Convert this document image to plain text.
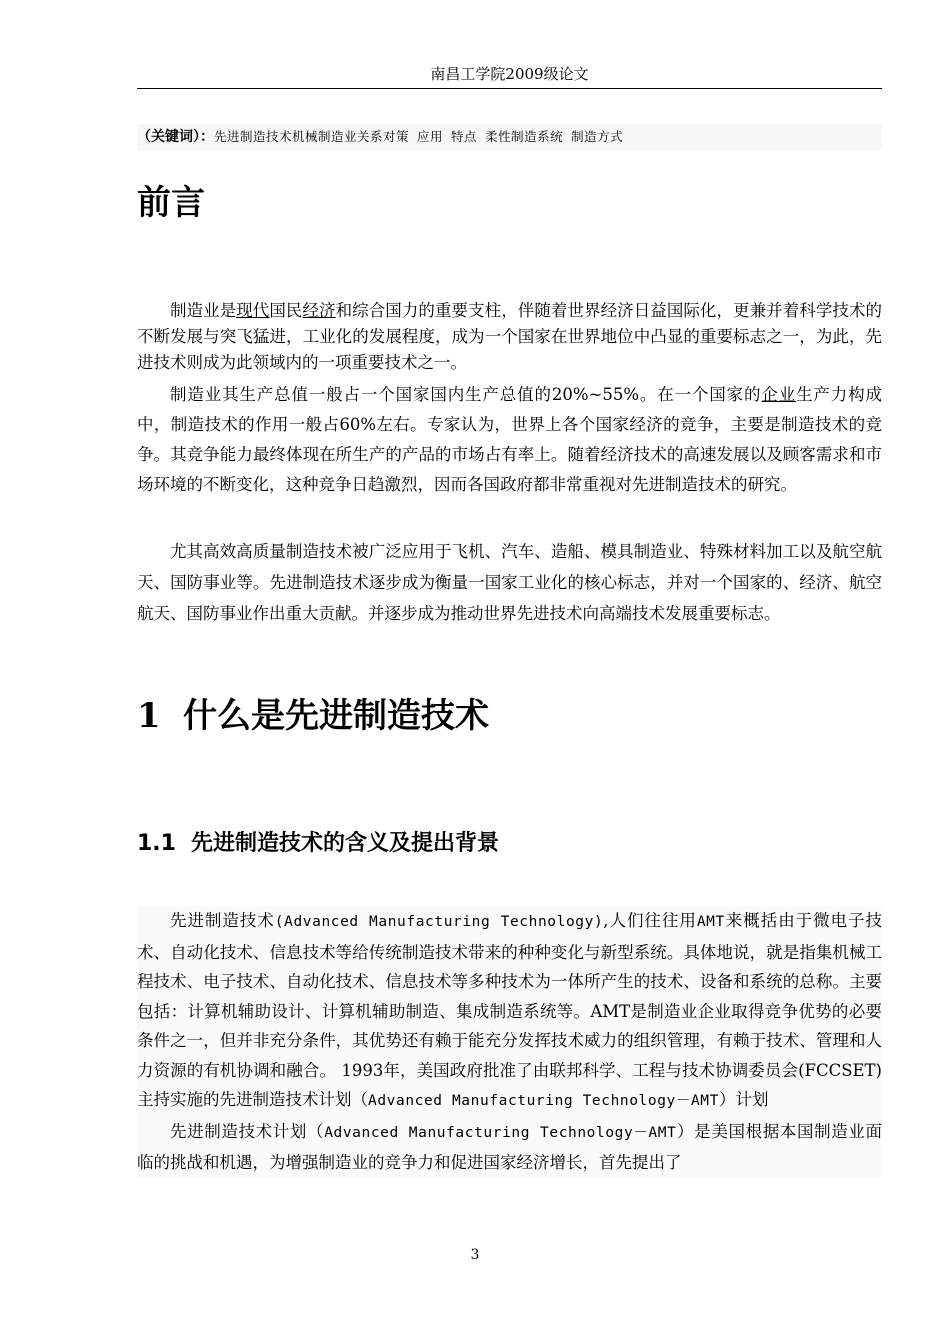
南昌工学院2009级论文
（关键词）：先进制造技术机械制造业关系对策 应用 特点 柔性制造系统 制造方式
前言

制造业是现代国民经济和综合国力的重要支柱，伴随着世界经济日益国际化，更兼并着科学技术的不断发展与突飞猛进，工业化的发展程度，成为一个国家在世界地位中凸显的重要标志之一，为此，先进技术则成为此领域内的一项重要技术之一。

制造业其生产总值一般占一个国家国内生产总值的20%~55%。在一个国家的企业生产力构成中，制造技术的作用一般占60%左右。专家认为，世界上各个国家经济的竞争，主要是制造技术的竞争。其竞争能力最终体现在所生产的产品的市场占有率上。随着经济技术的高速发展以及顾客需求和市场环境的不断变化，这种竞争日趋激烈，因而各国政府都非常重视对先进制造技术的研究。

尤其高效高质量制造技术被广泛应用于飞机、汽车、造船、模具制造业、特殊材料加工以及航空航天、国防事业等。先进制造技术逐步成为衡量一国家工业化的核心标志，并对一个国家的、经济、航空航天、国防事业作出重大贡献。并逐步成为推动世界先进技术向高端技术发展重要标志。

1 什么是先进制造技术
1.1 先进制造技术的含义及提出背景

先进制造技术(Advanced Manufacturing Technology),人们往往用AMT来概括由于微电子技术、自动化技术、信息技术等给传统制造技术带来的种种变化与新型系统。具体地说，就是指集机械工程技术、电子技术、自动化技术、信息技术等多种技术为一体所产生的技术、设备和系统的总称。主要包括：计算机辅助设计、计算机辅助制造、集成制造系统等。AMT是制造业企业取得竞争优势的必要条件之一，但并非充分条件，其优势还有赖于能充分发挥技术威力的组织管理，有赖于技术、管理和人力资源的有机协调和融合。 1993年，美国政府批准了由联邦科学、工程与技术协调委员会(FCCSET)主持实施的先进制造技术计划（Advanced Manufacturing Technology－AMT）计划

先进制造技术计划（Advanced Manufacturing Technology－AMT）是美国根据本国制造业面临的挑战和机遇，为增强制造业的竞争力和促进国家经济增长，首先提出了

3
